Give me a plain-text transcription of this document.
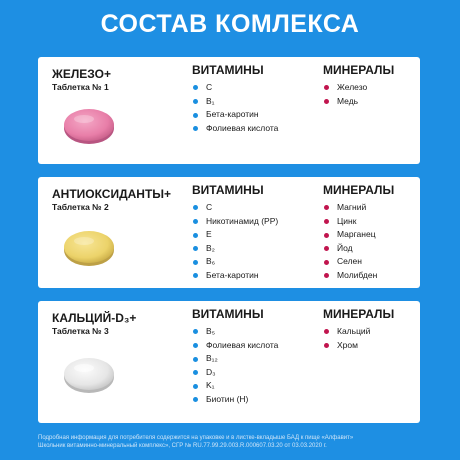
СОСТАВ КОМЛЕКСА
ЖЕЛЕЗО+
Таблетка № 1
ВИТАМИНЫ
C
B₁
Бета-каротин
Фолиевая кислота
МИНЕРАЛЫ
Железо
Медь
АНТИОКСИДАНТЫ+
Таблетка № 2
ВИТАМИНЫ
C
Никотинамид (PP)
E
B₂
B₆
Бета-каротин
МИНЕРАЛЫ
Магний
Цинк
Марганец
Йод
Селен
Молибден
КАЛЬЦИЙ-D₃+
Таблетка № 3
ВИТАМИНЫ
B₅
Фолиевая кислота
B₁₂
D₃
K₁
Биотин (Н)
МИНЕРАЛЫ
Кальций
Хром
Подробная информация для потребителя содержится на упаковке и в листке-вкладыше БАД к пище «Алфавит»
Школьник витаминно-минеральный комплекс», СГР № RU.77.99.29.003.R.000607.03.20 от 03.03.2020 г.
